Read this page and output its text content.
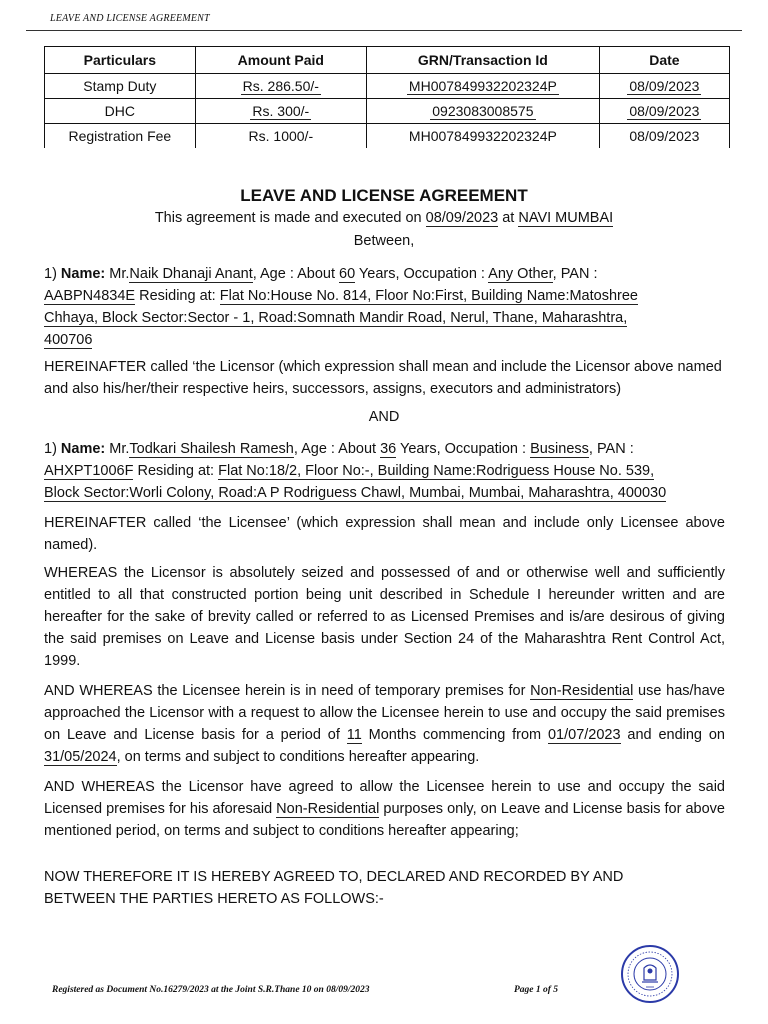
LEAVE AND LICENSE AGREEMENT
Particulars	Amount Paid	GRN/Transaction Id	Date
Stamp Duty	Rs. 286.50/-	MH007849932202324P	08/09/2023
DHC	Rs. 300/-	0923083008575	08/09/2023
Registration Fee	Rs. 1000/-	MH007849932202324P	08/09/2023
LEAVE AND LICENSE AGREEMENT
This agreement is made and executed on 08/09/2023 at NAVI MUMBAI
Between,
1) Name: Mr.Naik Dhanaji Anant, Age : About 60 Years, Occupation : Any Other, PAN :
AABPN4834E Residing at: Flat No:House No. 814, Floor No:First, Building Name:Matoshree
Chhaya, Block Sector:Sector - 1, Road:Somnath Mandir Road, Nerul, Thane, Maharashtra,
400706
HEREINAFTER called ‘the Licensor (which expression shall mean and include the Licensor above named and also his/her/their respective heirs, successors, assigns, executors and administrators)
AND
1) Name: Mr.Todkari Shailesh Ramesh, Age : About 36 Years, Occupation : Business, PAN :
AHXPT1006F Residing at: Flat No:18/2, Floor No:-, Building Name:Rodriguess House No. 539,
Block Sector:Worli Colony, Road:A P Rodriguess Chawl, Mumbai, Mumbai, Maharashtra, 400030
HEREINAFTER called ‘the Licensee’ (which expression shall mean and include only Licensee above named).
WHEREAS the Licensor is absolutely seized and possessed of and or otherwise well and sufficiently entitled to all that constructed portion being unit described in Schedule I hereunder written and are hereafter for the sake of brevity called or referred to as Licensed Premises and is/are desirous of giving the said premises on Leave and License basis under Section 24 of the Maharashtra Rent Control Act, 1999.
AND WHEREAS the Licensee herein is in need of temporary premises for Non-Residential use has/have approached the Licensor with a request to allow the Licensee herein to use and occupy the said premises on Leave and License basis for a period of 11 Months commencing from 01/07/2023 and ending on 31/05/2024, on terms and subject to conditions hereafter appearing.
AND WHEREAS the Licensor have agreed to allow the Licensee herein to use and occupy the said Licensed premises for his aforesaid Non-Residential purposes only, on Leave and License basis for above mentioned period, on terms and subject to conditions hereafter appearing;
NOW THEREFORE IT IS HEREBY AGREED TO, DECLARED AND RECORDED BY AND BETWEEN THE PARTIES HERETO AS FOLLOWS:-
Registered as Document No.16279/2023 at the Joint S.R.Thane 10 on 08/09/2023	Page 1 of 5
